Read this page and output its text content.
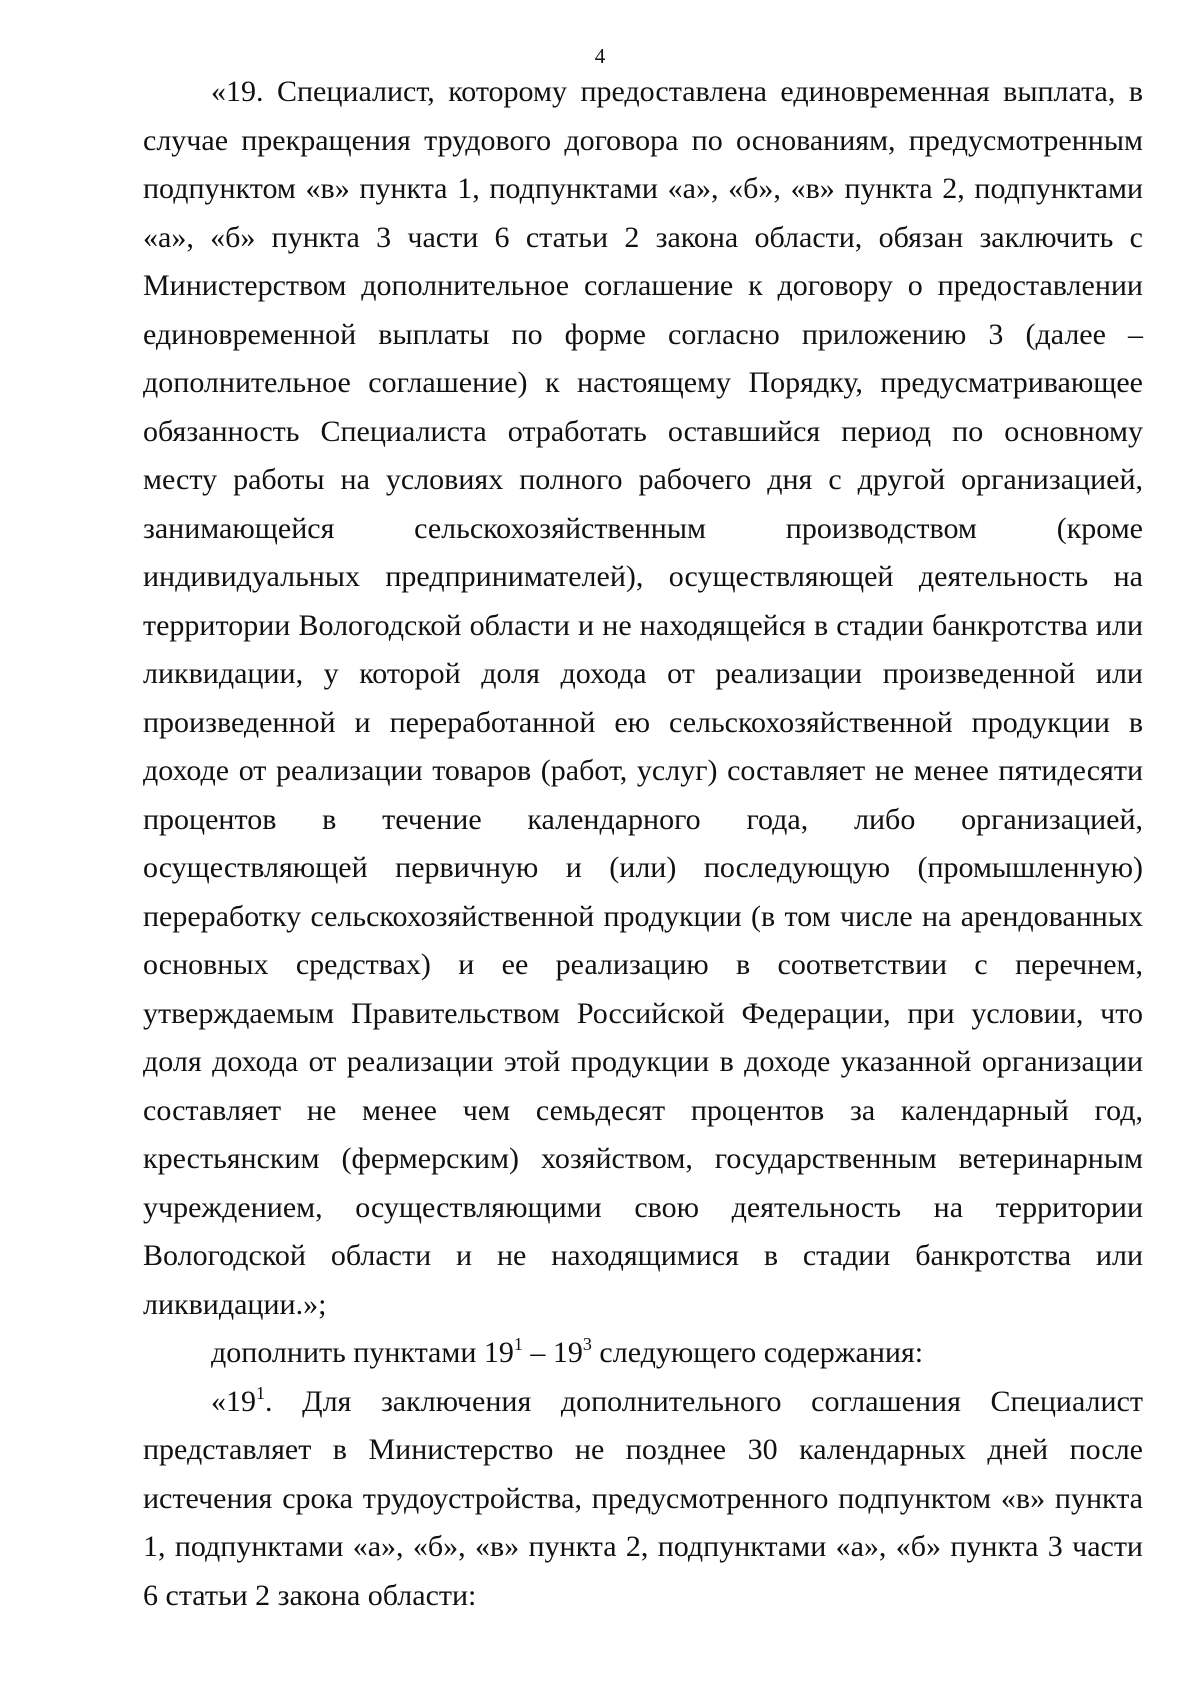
4

«19. Специалист, которому предоставлена единовременная выплата, в случае прекращения трудового договора по основаниям, предусмотренным подпунктом «в» пункта 1, подпунктами «а», «б», «в» пункта 2, подпунктами «а», «б» пункта 3 части 6 статьи 2 закона области, обязан заключить с Министерством дополнительное соглашение к договору о предоставлении единовременной выплаты по форме согласно приложению 3 (далее – дополнительное соглашение) к настоящему Порядку, предусматривающее обязанность Специалиста отработать оставшийся период по основному месту работы на условиях полного рабочего дня с другой организацией, занимающейся сельскохозяйственным производством (кроме индивидуальных предпринимателей), осуществляющей деятельность на территории Вологодской области и не находящейся в стадии банкротства или ликвидации, у которой доля дохода от реализации произведенной или произведенной и переработанной ею сельскохозяйственной продукции в доходе от реализации товаров (работ, услуг) составляет не менее пятидесяти процентов в течение календарного года, либо организацией, осуществляющей первичную и (или) последующую (промышленную) переработку сельскохозяйственной продукции (в том числе на арендованных основных средствах) и ее реализацию в соответствии с перечнем, утверждаемым Правительством Российской Федерации, при условии, что доля дохода от реализации этой продукции в доходе указанной организации составляет не менее чем семьдесят процентов за календарный год, крестьянским (фермерским) хозяйством, государственным ветеринарным учреждением, осуществляющими свою деятельность на территории Вологодской области и не находящимися в стадии банкротства или ликвидации.»;

дополнить пунктами $19^1 - 19^3$ следующего содержания:

«$19^1$. Для заключения дополнительного соглашения Специалист представляет в Министерство не позднее 30 календарных дней после истечения срока трудоустройства, предусмотренного подпунктом «в» пункта 1, подпунктами «а», «б», «в» пункта 2, подпунктами «а», «б» пункта 3 части 6 статьи 2 закона области:
